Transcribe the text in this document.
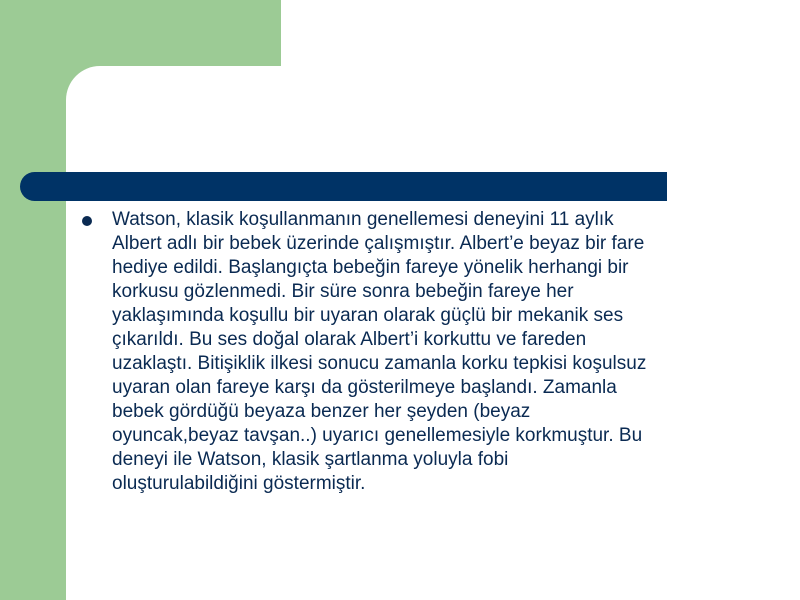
Watson, klasik koşullanmanın genellemesi deneyini 11 aylık
Albert adlı bir bebek üzerinde çalışmıştır. Albert’e beyaz bir fare
hediye edildi. Başlangıçta bebeğin fareye yönelik herhangi bir
korkusu gözlenmedi. Bir süre sonra bebeğin fareye her
yaklaşımında koşullu bir uyaran olarak güçlü bir mekanik ses
çıkarıldı. Bu ses doğal olarak Albert’i korkuttu ve fareden
uzaklaştı. Bitişiklik ilkesi sonucu zamanla korku tepkisi koşulsuz
uyaran olan fareye karşı da gösterilmeye başlandı. Zamanla
bebek gördüğü beyaza benzer her şeyden (beyaz
oyuncak,beyaz tavşan..) uyarıcı genellemesiyle korkmuştur. Bu
deneyi ile Watson, klasik şartlanma yoluyla fobi
oluşturulabildiğini göstermiştir.
